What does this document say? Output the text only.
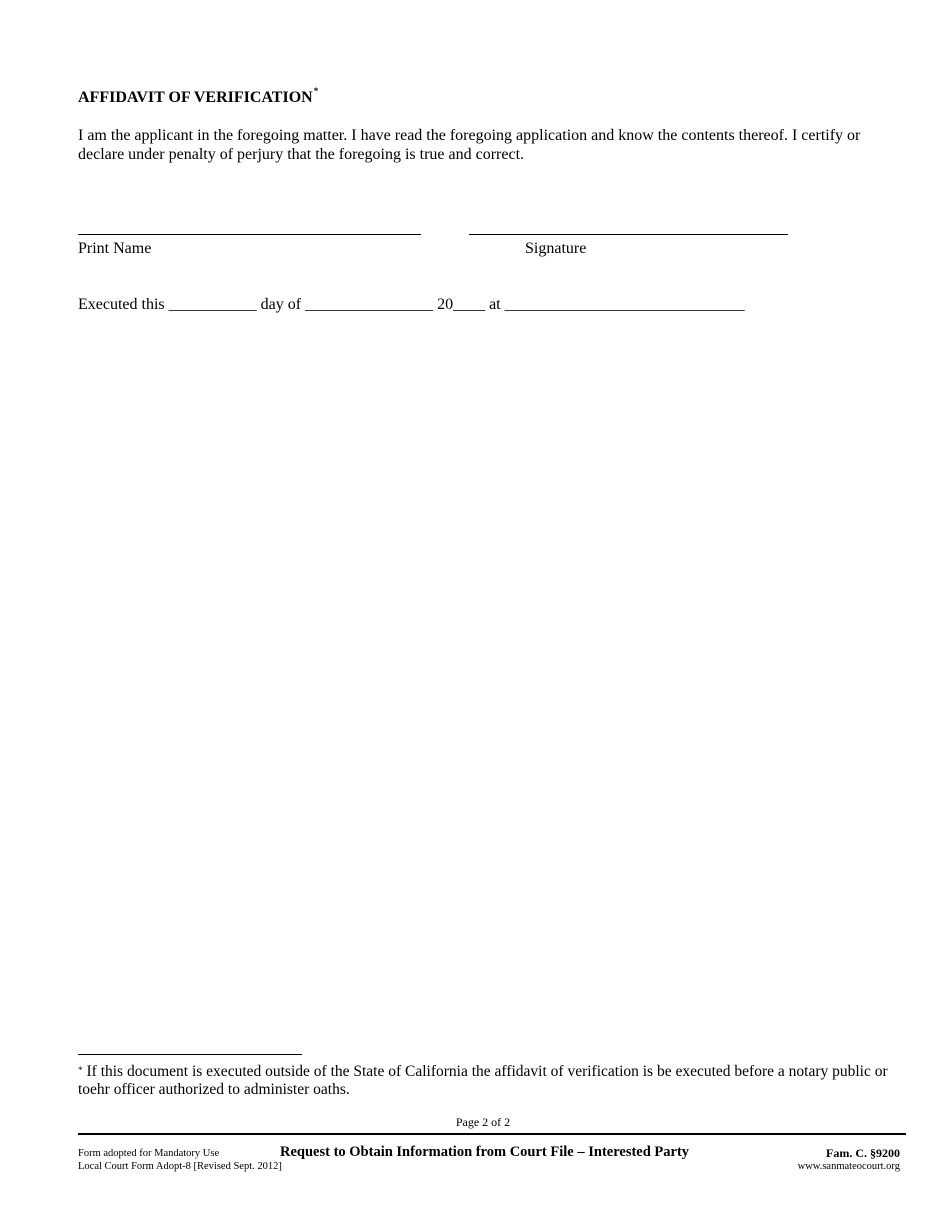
AFFIDAVIT OF VERIFICATION*

I am the applicant in the foregoing matter. I have read the foregoing application and know the contents thereof. I certify or declare under penalty of perjury that the foregoing is true and correct.

Print Name	Signature

Executed this ___________ day of ________________ 20____ at ______________________________

* If this document is executed outside of the State of California the affidavit of verification is be executed before a notary public or toehr officer authorized to administer oaths.

Page 2 of 2
Form adopted for Mandatory Use
Local Court Form Adopt-8 [Revised Sept. 2012]
Request to Obtain Information from Court File – Interested Party	Fam. C. §9200
www.sanmateocourt.org
